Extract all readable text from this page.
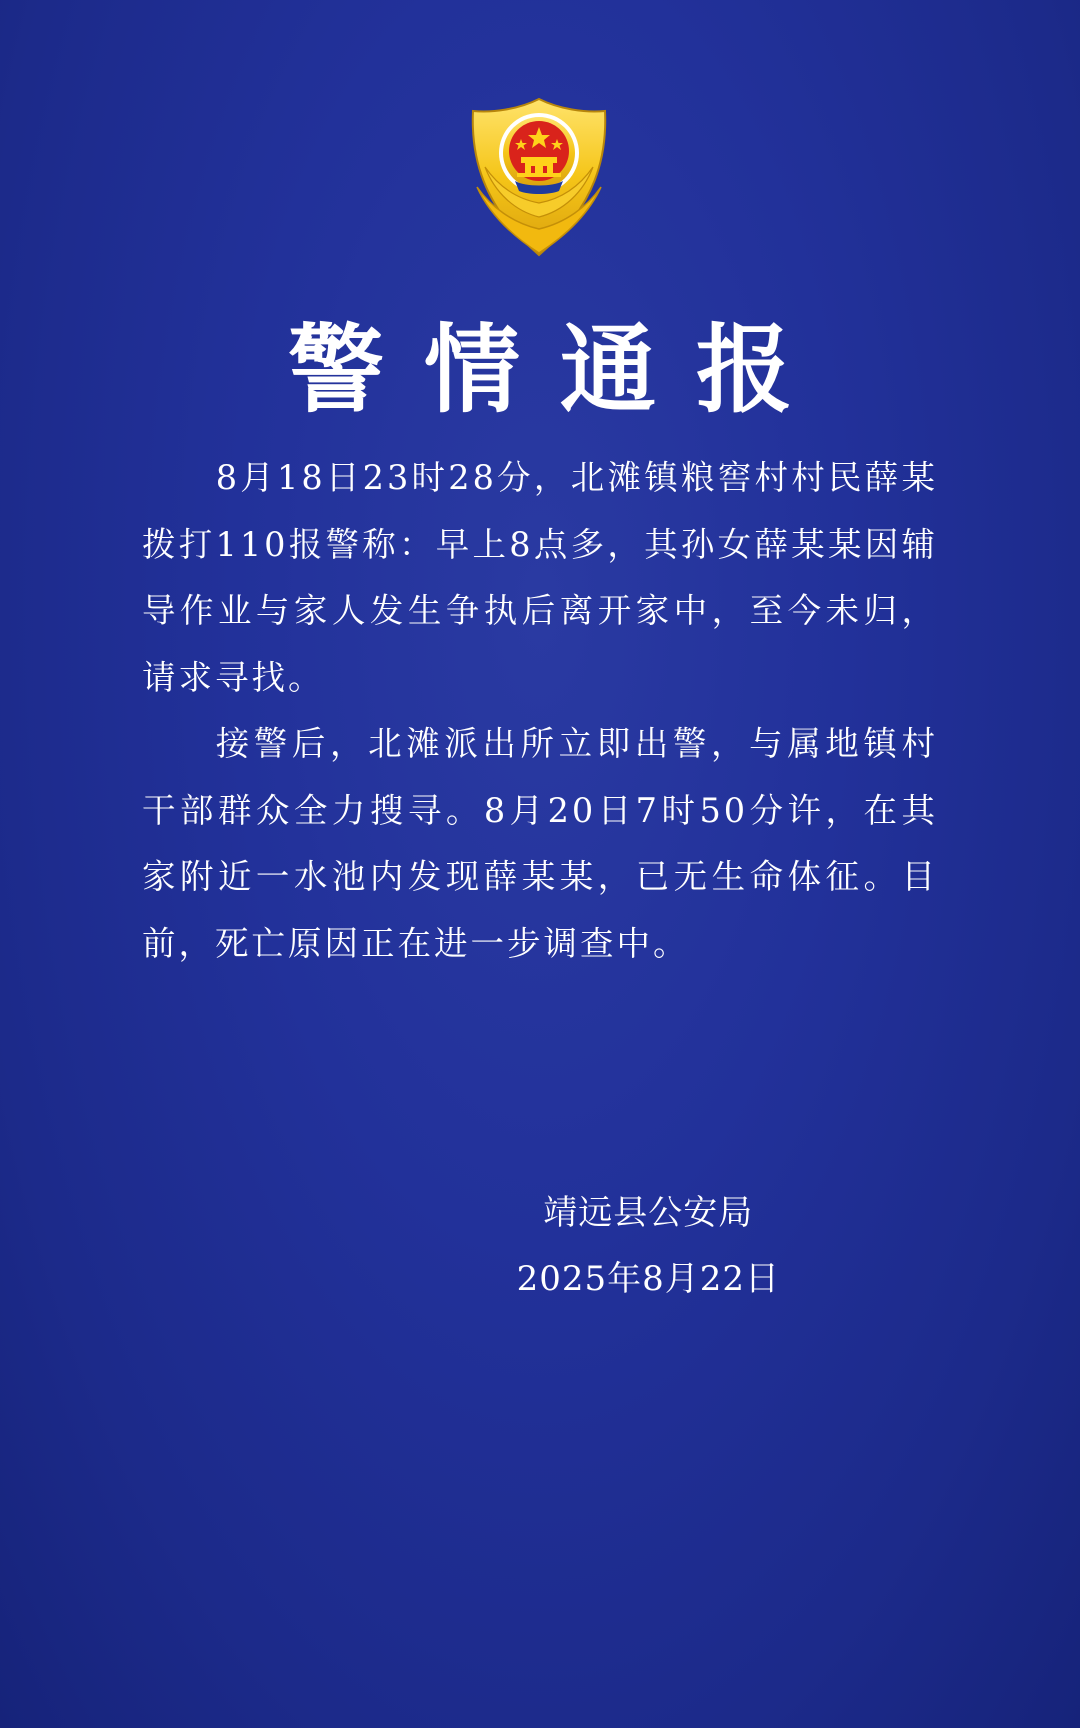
警情通报

8月18日23时28分，北滩镇粮窖村村民薛某拨打110报警称：早上8点多，其孙女薛某某因辅导作业与家人发生争执后离开家中，至今未归，请求寻找。

接警后，北滩派出所立即出警，与属地镇村干部群众全力搜寻。8月20日7时50分许，在其家附近一水池内发现薛某某，已无生命体征。目前，死亡原因正在进一步调查中。

靖远县公安局
2025年8月22日
